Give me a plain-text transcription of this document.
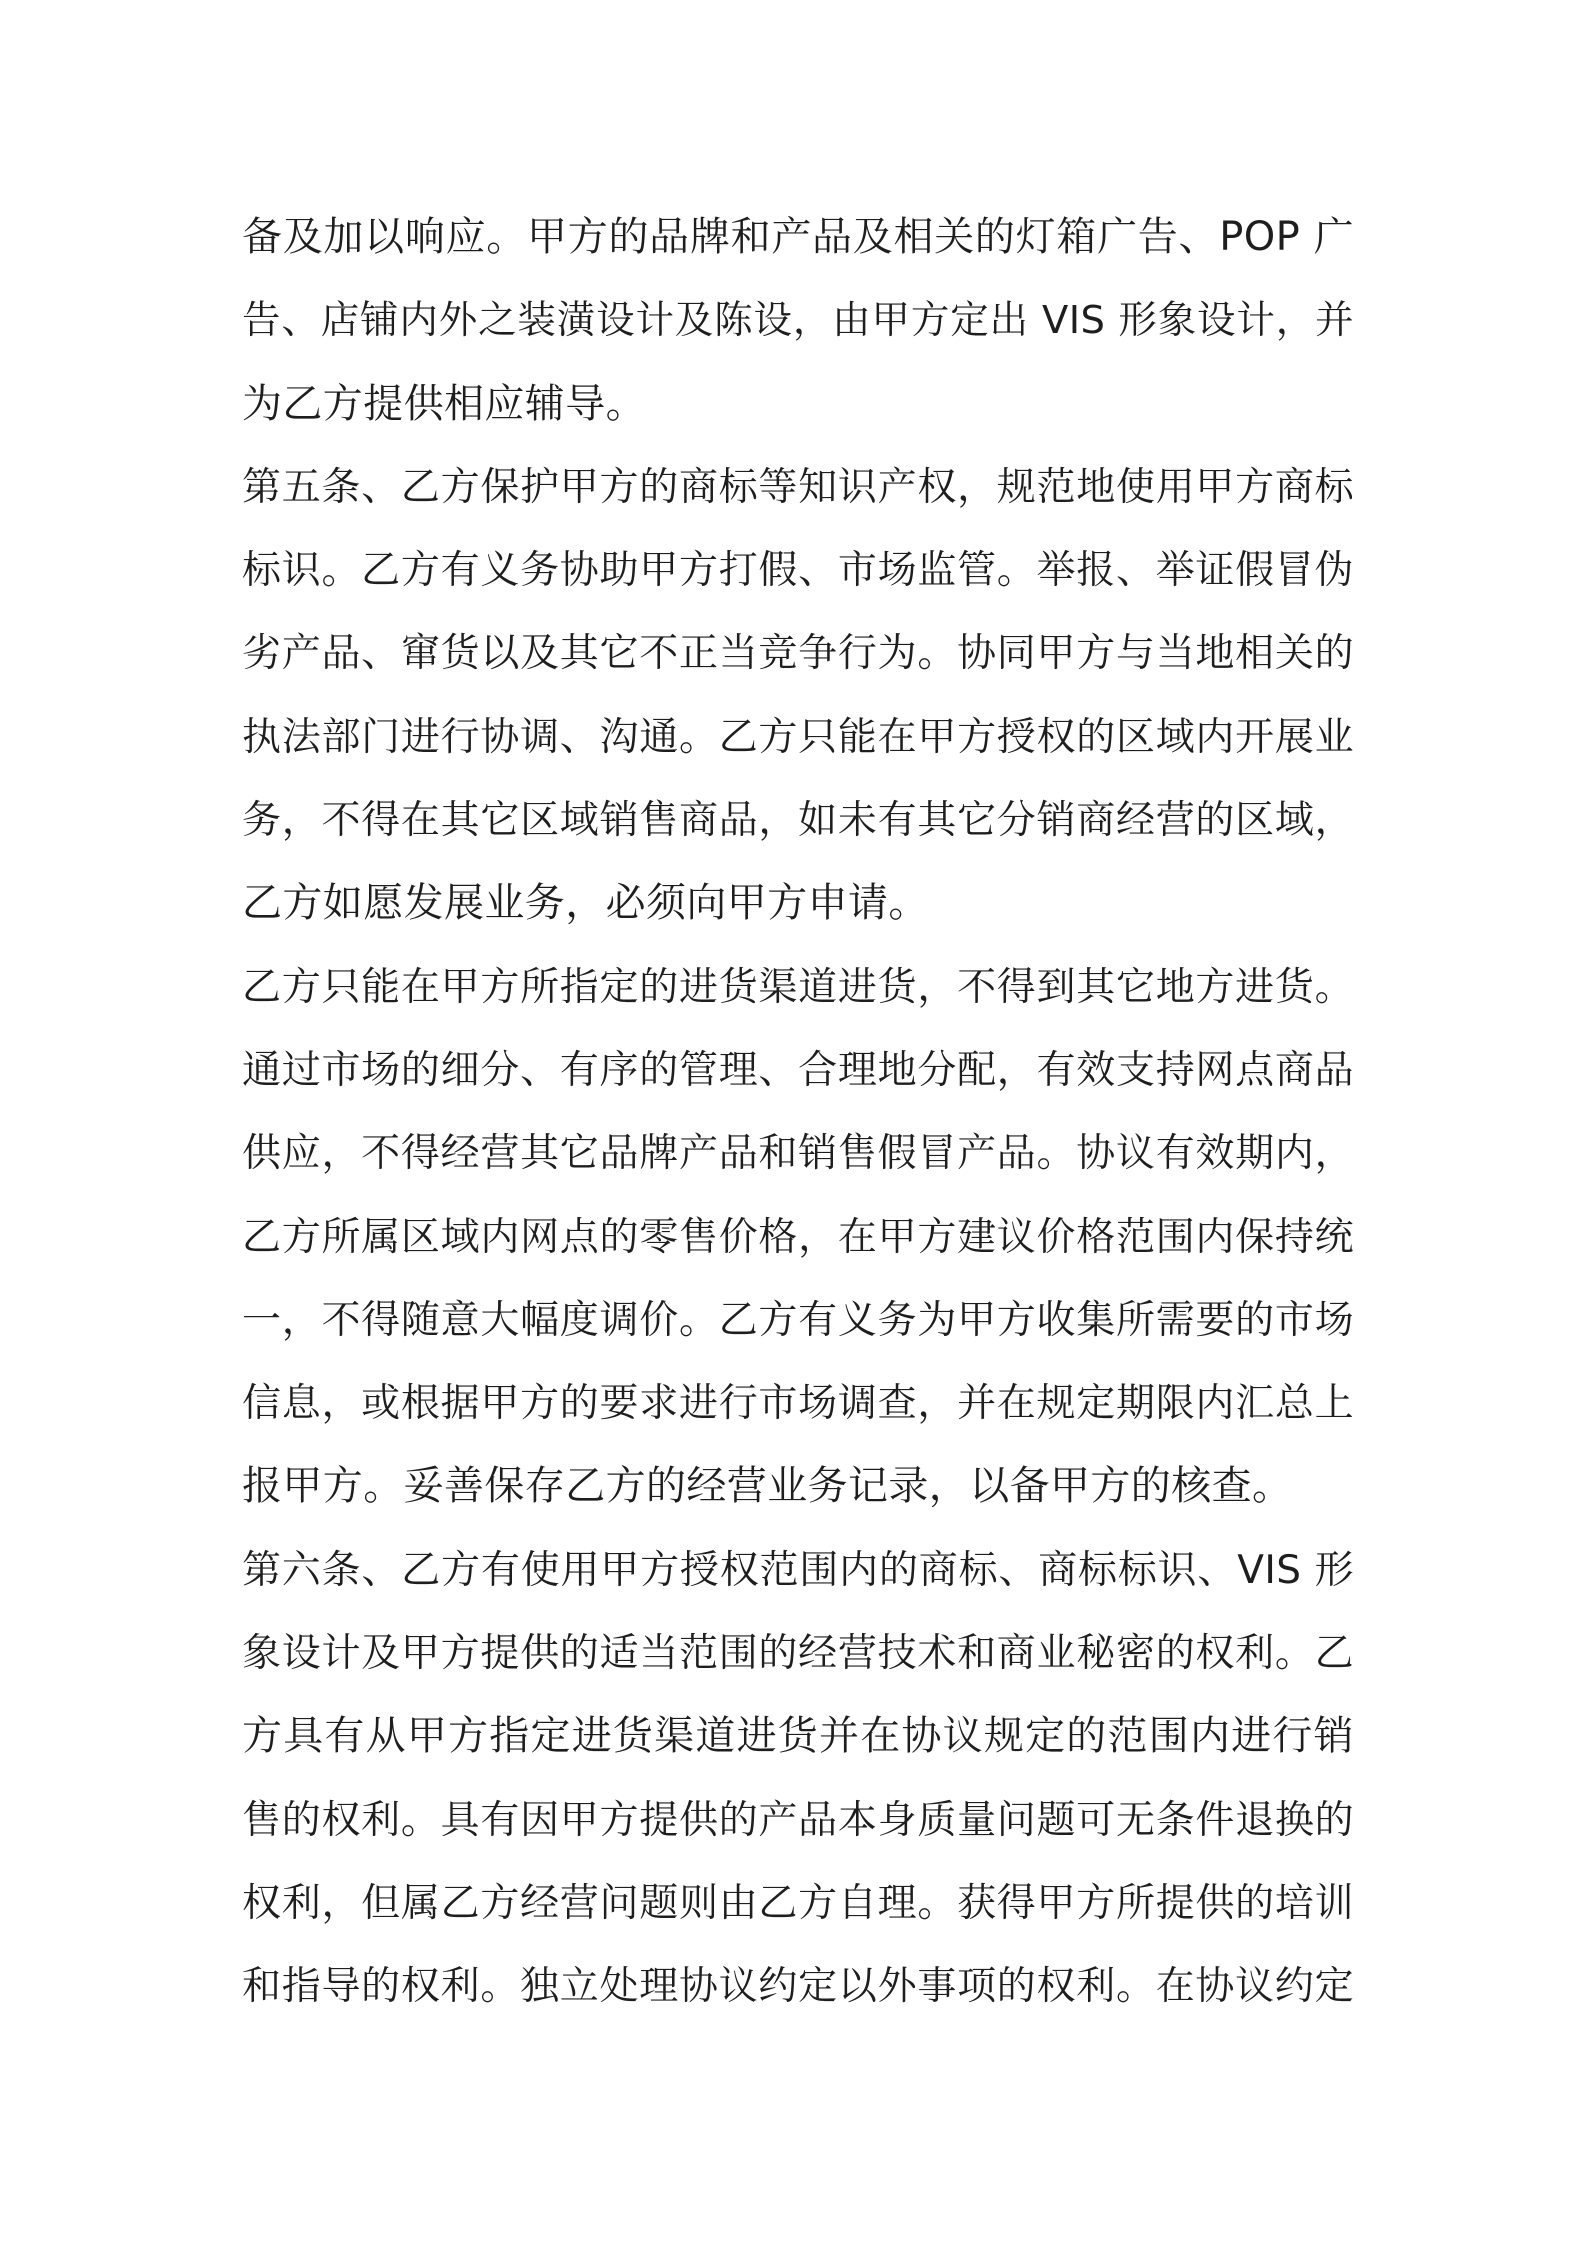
备及加以响应。甲方的品牌和产品及相关的灯箱广告、POP 广
告、店铺内外之装潢设计及陈设，由甲方定出 VIS 形象设计，并
为乙方提供相应辅导。
第五条、乙方保护甲方的商标等知识产权，规范地使用甲方商标
标识。乙方有义务协助甲方打假、市场监管。举报、举证假冒伪
劣产品、窜货以及其它不正当竞争行为。协同甲方与当地相关的
执法部门进行协调、沟通。乙方只能在甲方授权的区域内开展业
务，不得在其它区域销售商品，如未有其它分销商经营的区域，
乙方如愿发展业务，必须向甲方申请。
乙方只能在甲方所指定的进货渠道进货，不得到其它地方进货。
通过市场的细分、有序的管理、合理地分配，有效支持网点商品
供应，不得经营其它品牌产品和销售假冒产品。协议有效期内，
乙方所属区域内网点的零售价格，在甲方建议价格范围内保持统
一，不得随意大幅度调价。乙方有义务为甲方收集所需要的市场
信息，或根据甲方的要求进行市场调查，并在规定期限内汇总上
报甲方。妥善保存乙方的经营业务记录，以备甲方的核查。
第六条、乙方有使用甲方授权范围内的商标、商标标识、VIS 形
象设计及甲方提供的适当范围的经营技术和商业秘密的权利。乙
方具有从甲方指定进货渠道进货并在协议规定的范围内进行销
售的权利。具有因甲方提供的产品本身质量问题可无条件退换的
权利，但属乙方经营问题则由乙方自理。获得甲方所提供的培训
和指导的权利。独立处理协议约定以外事项的权利。在协议约定
